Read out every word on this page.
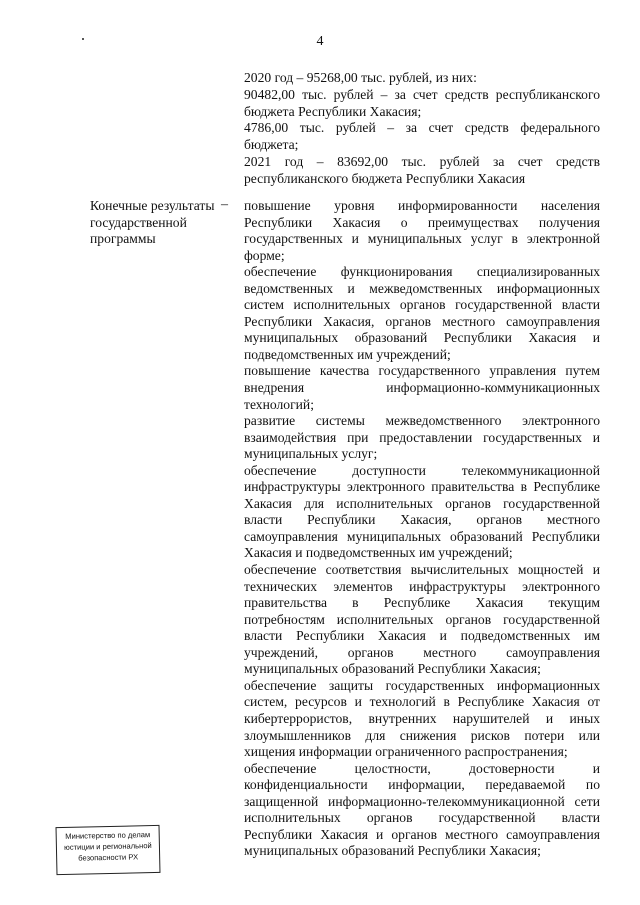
4
2020 год – 95268,00 тыс. рублей, из них:
90482,00 тыс. рублей – за счет средств республиканского
бюджета Республики Хакасия;
4786,00 тыс. рублей – за счет средств федерального
бюджета;
2021 год – 83692,00 тыс. рублей за счет средств
республиканского бюджета Республики Хакасия
Конечные результаты государственной программы
– повышение уровня информированности населения
Республики Хакасия о преимуществах получения
государственных и муниципальных услуг в электронной
форме;
обеспечение функционирования специализированных
ведомственных и межведомственных информационных
систем исполнительных органов государственной власти
Республики Хакасия, органов местного самоуправления
муниципальных образований Республики Хакасия и
подведомственных им учреждений;
повышение качества государственного управления путем
внедрения информационно-коммуникационных
технологий;
развитие системы межведомственного электронного
взаимодействия при предоставлении государственных и
муниципальных услуг;
обеспечение доступности телекоммуникационной
инфраструктуры электронного правительства в Республике
Хакасия для исполнительных органов государственной
власти Республики Хакасия, органов местного
самоуправления муниципальных образований Республики
Хакасия и подведомственных им учреждений;
обеспечение соответствия вычислительных мощностей и
технических элементов инфраструктуры электронного
правительства в Республике Хакасия текущим
потребностям исполнительных органов государственной
власти Республики Хакасия и подведомственных им
учреждений, органов местного самоуправления
муниципальных образований Республики Хакасия;
обеспечение защиты государственных информационных
систем, ресурсов и технологий в Республике Хакасия от
кибертеррористов, внутренних нарушителей и иных
злоумышленников для снижения рисков потери или
хищения информации ограниченного распространения;
обеспечение целостности, достоверности и
конфиденциальности информации, передаваемой по
защищенной информационно-телекоммуникационной сети
исполнительных органов государственной власти
Республики Хакасия и органов местного самоуправления
муниципальных образований Республики Хакасия;
Министерство по делам
юстиции и региональной
безопасности РХ
